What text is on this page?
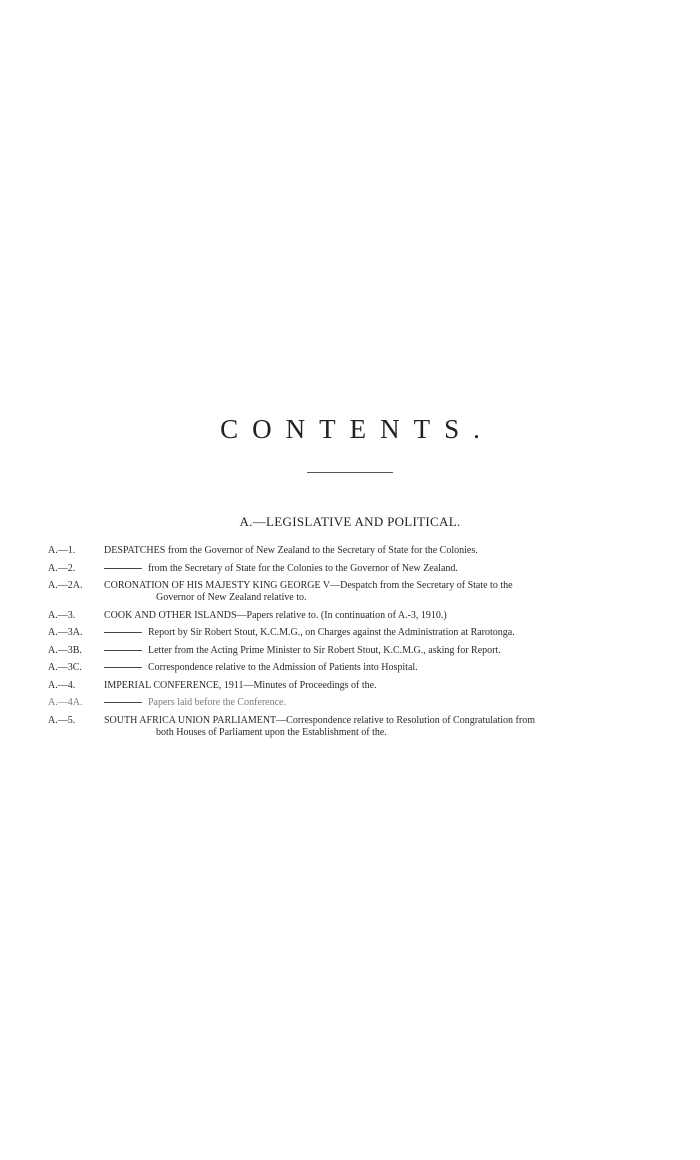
CONTENTS.
A.—LEGISLATIVE AND POLITICAL.
A.—1.	DESPATCHES from the Governor of New Zealand to the Secretary of State for the Colonies.
A.—2.	from the Secretary of State for the Colonies to the Governor of New Zealand.
A.—2A.	CORONATION OF HIS MAJESTY KING GEORGE V—Despatch from the Secretary of State to the
Governor of New Zealand relative to.
A.—3.	COOK AND OTHER ISLANDS—Papers relative to. (In continuation of A.-3, 1910.)
A.—3A.	Report by Sir Robert Stout, K.C.M.G., on Charges against the Administration at Rarotonga.
A.—3B.	Letter from the Acting Prime Minister to Sir Robert Stout, K.C.M.G., asking for Report.
A.—3C.	Correspondence relative to the Admission of Patients into Hospital.
A.—4.	IMPERIAL CONFERENCE, 1911—Minutes of Proceedings of the.
A.—4A.	Papers laid before the Conference.
A.—5.	SOUTH AFRICA UNION PARLIAMENT—Correspondence relative to Resolution of Congratulation from
both Houses of Parliament upon the Establishment of the.
